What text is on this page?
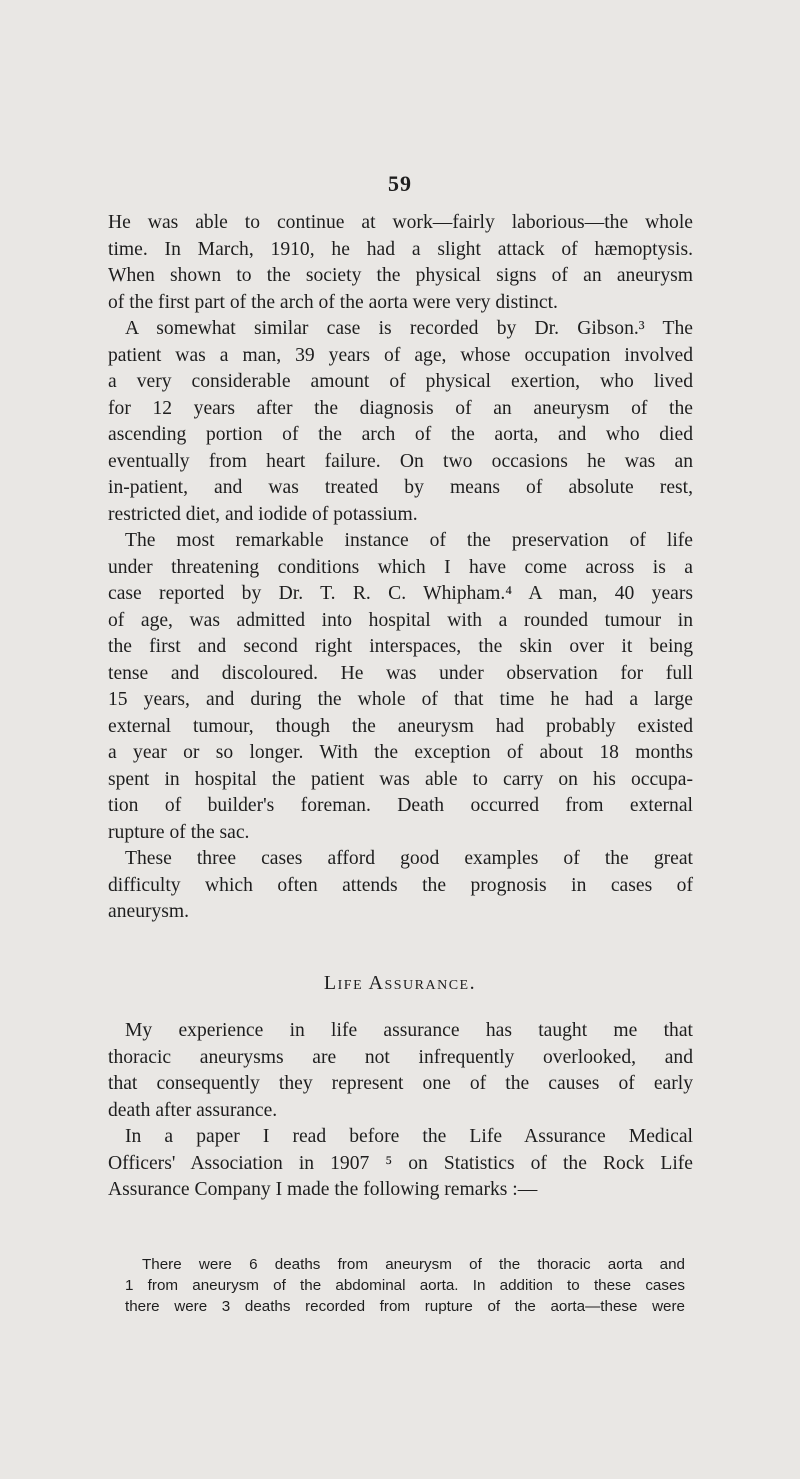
59
He was able to continue at work—fairly laborious—the whole
time. In March, 1910, he had a slight attack of hæmoptysis.
When shown to the society the physical signs of an aneurysm
of the first part of the arch of the aorta were very distinct.
A somewhat similar case is recorded by Dr. Gibson.³ The
patient was a man, 39 years of age, whose occupation involved
a very considerable amount of physical exertion, who lived
for 12 years after the diagnosis of an aneurysm of the
ascending portion of the arch of the aorta, and who died
eventually from heart failure. On two occasions he was an
in-patient, and was treated by means of absolute rest,
restricted diet, and iodide of potassium.
The most remarkable instance of the preservation of life
under threatening conditions which I have come across is a
case reported by Dr. T. R. C. Whipham.⁴ A man, 40 years
of age, was admitted into hospital with a rounded tumour in
the first and second right interspaces, the skin over it being
tense and discoloured. He was under observation for full
15 years, and during the whole of that time he had a large
external tumour, though the aneurysm had probably existed
a year or so longer. With the exception of about 18 months
spent in hospital the patient was able to carry on his occupa-
tion of builder's foreman. Death occurred from external
rupture of the sac.
These three cases afford good examples of the great
difficulty which often attends the prognosis in cases of
aneurysm.
Life Assurance.
My experience in life assurance has taught me that
thoracic aneurysms are not infrequently overlooked, and
that consequently they represent one of the causes of early
death after assurance.
In a paper I read before the Life Assurance Medical
Officers' Association in 1907 ⁵ on Statistics of the Rock Life
Assurance Company I made the following remarks :—
There were 6 deaths from aneurysm of the thoracic aorta and
1 from aneurysm of the abdominal aorta. In addition to these cases
there were 3 deaths recorded from rupture of the aorta—these were
